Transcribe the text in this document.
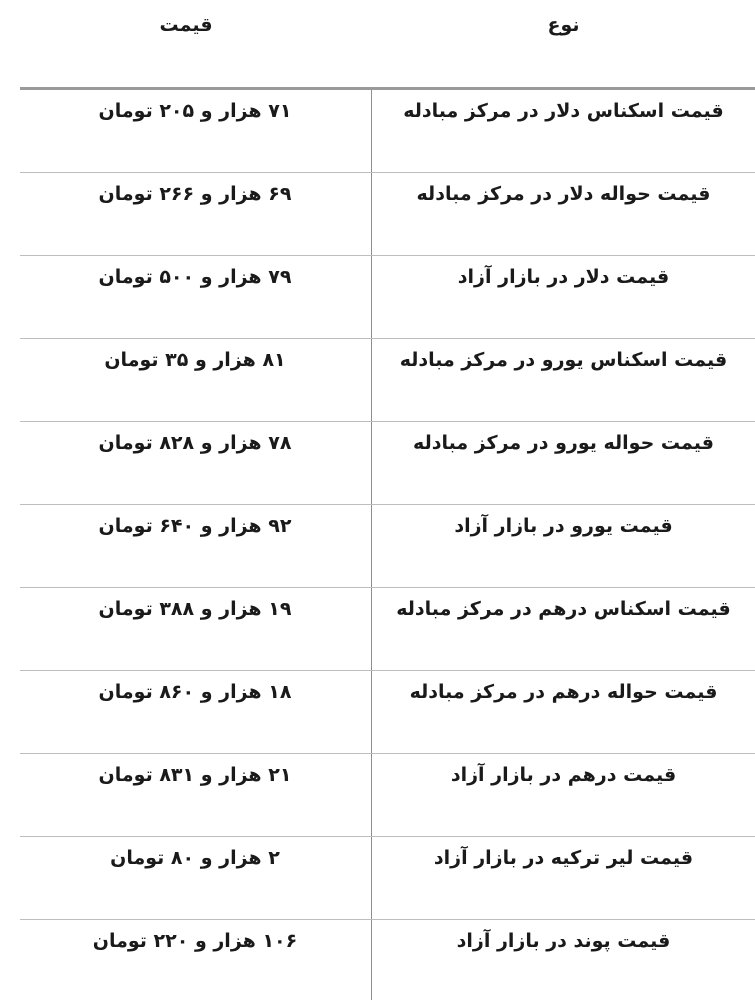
نوع
قیمت
قیمت اسکناس دلار در مرکز مبادله
۷۱ هزار و ۲۰۵ تومان
قیمت حواله دلار در مرکز مبادله
۶۹ هزار و ۲۶۶ تومان
قیمت دلار در بازار آزاد
۷۹ هزار و ۵۰۰ تومان
قیمت اسکناس یورو در مرکز مبادله
۸۱ هزار و ۳۵ تومان
قیمت حواله یورو در مرکز مبادله
۷۸ هزار و ۸۲۸ تومان
قیمت یورو در بازار آزاد
۹۲ هزار و ۶۴۰ تومان
قیمت اسکناس درهم در مرکز مبادله
۱۹ هزار و ۳۸۸ تومان
قیمت حواله درهم در مرکز مبادله
۱۸ هزار و ۸۶۰ تومان
قیمت درهم در بازار آزاد
۲۱ هزار و ۸۳۱ تومان
قیمت لیر ترکیه در بازار آزاد
۲ هزار و ۸۰ تومان
قیمت پوند در بازار آزاد
۱۰۶ هزار و ۲۲۰ تومان
